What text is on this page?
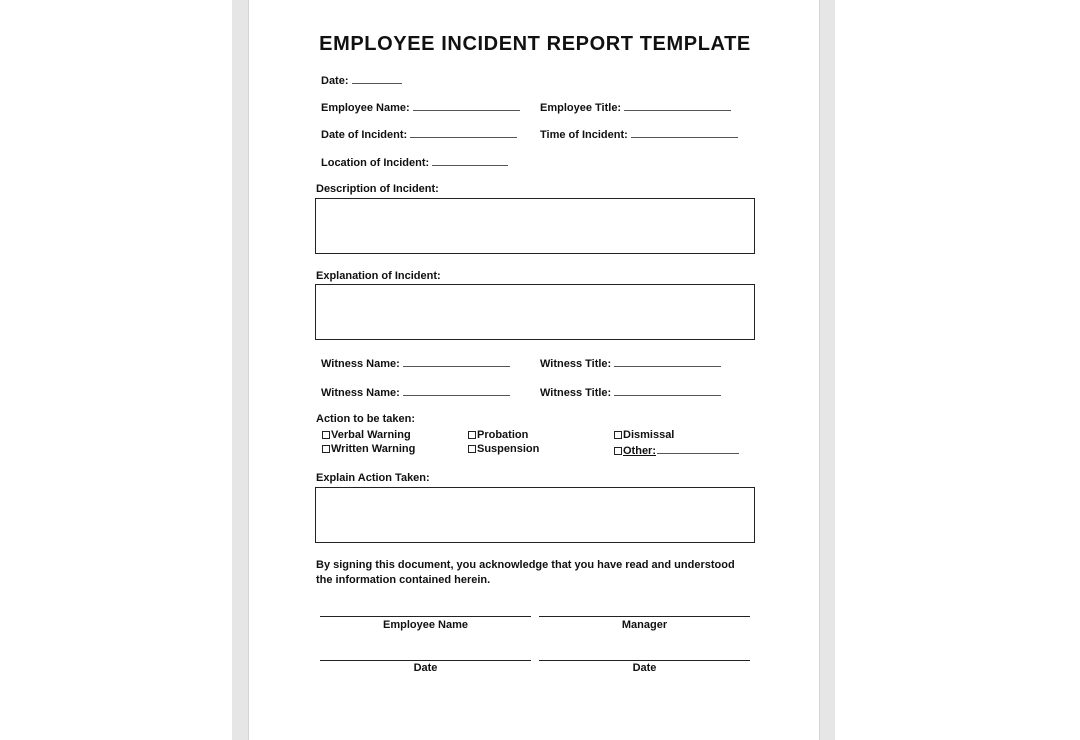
EMPLOYEE INCIDENT REPORT TEMPLATE
Date:
Employee Name:	Employee Title:
Date of Incident:	Time of Incident:
Location of Incident:
Description of Incident:
Explanation of Incident:
Witness Name:	Witness Title:
Witness Name:	Witness Title:
Action to be taken:
Verbal Warning
Written Warning
Probation
Suspension
Dismissal
Other:
Explain Action Taken:
By signing this document, you acknowledge that you have read and understood the information contained herein.
Employee Name	Manager
Date	Date
